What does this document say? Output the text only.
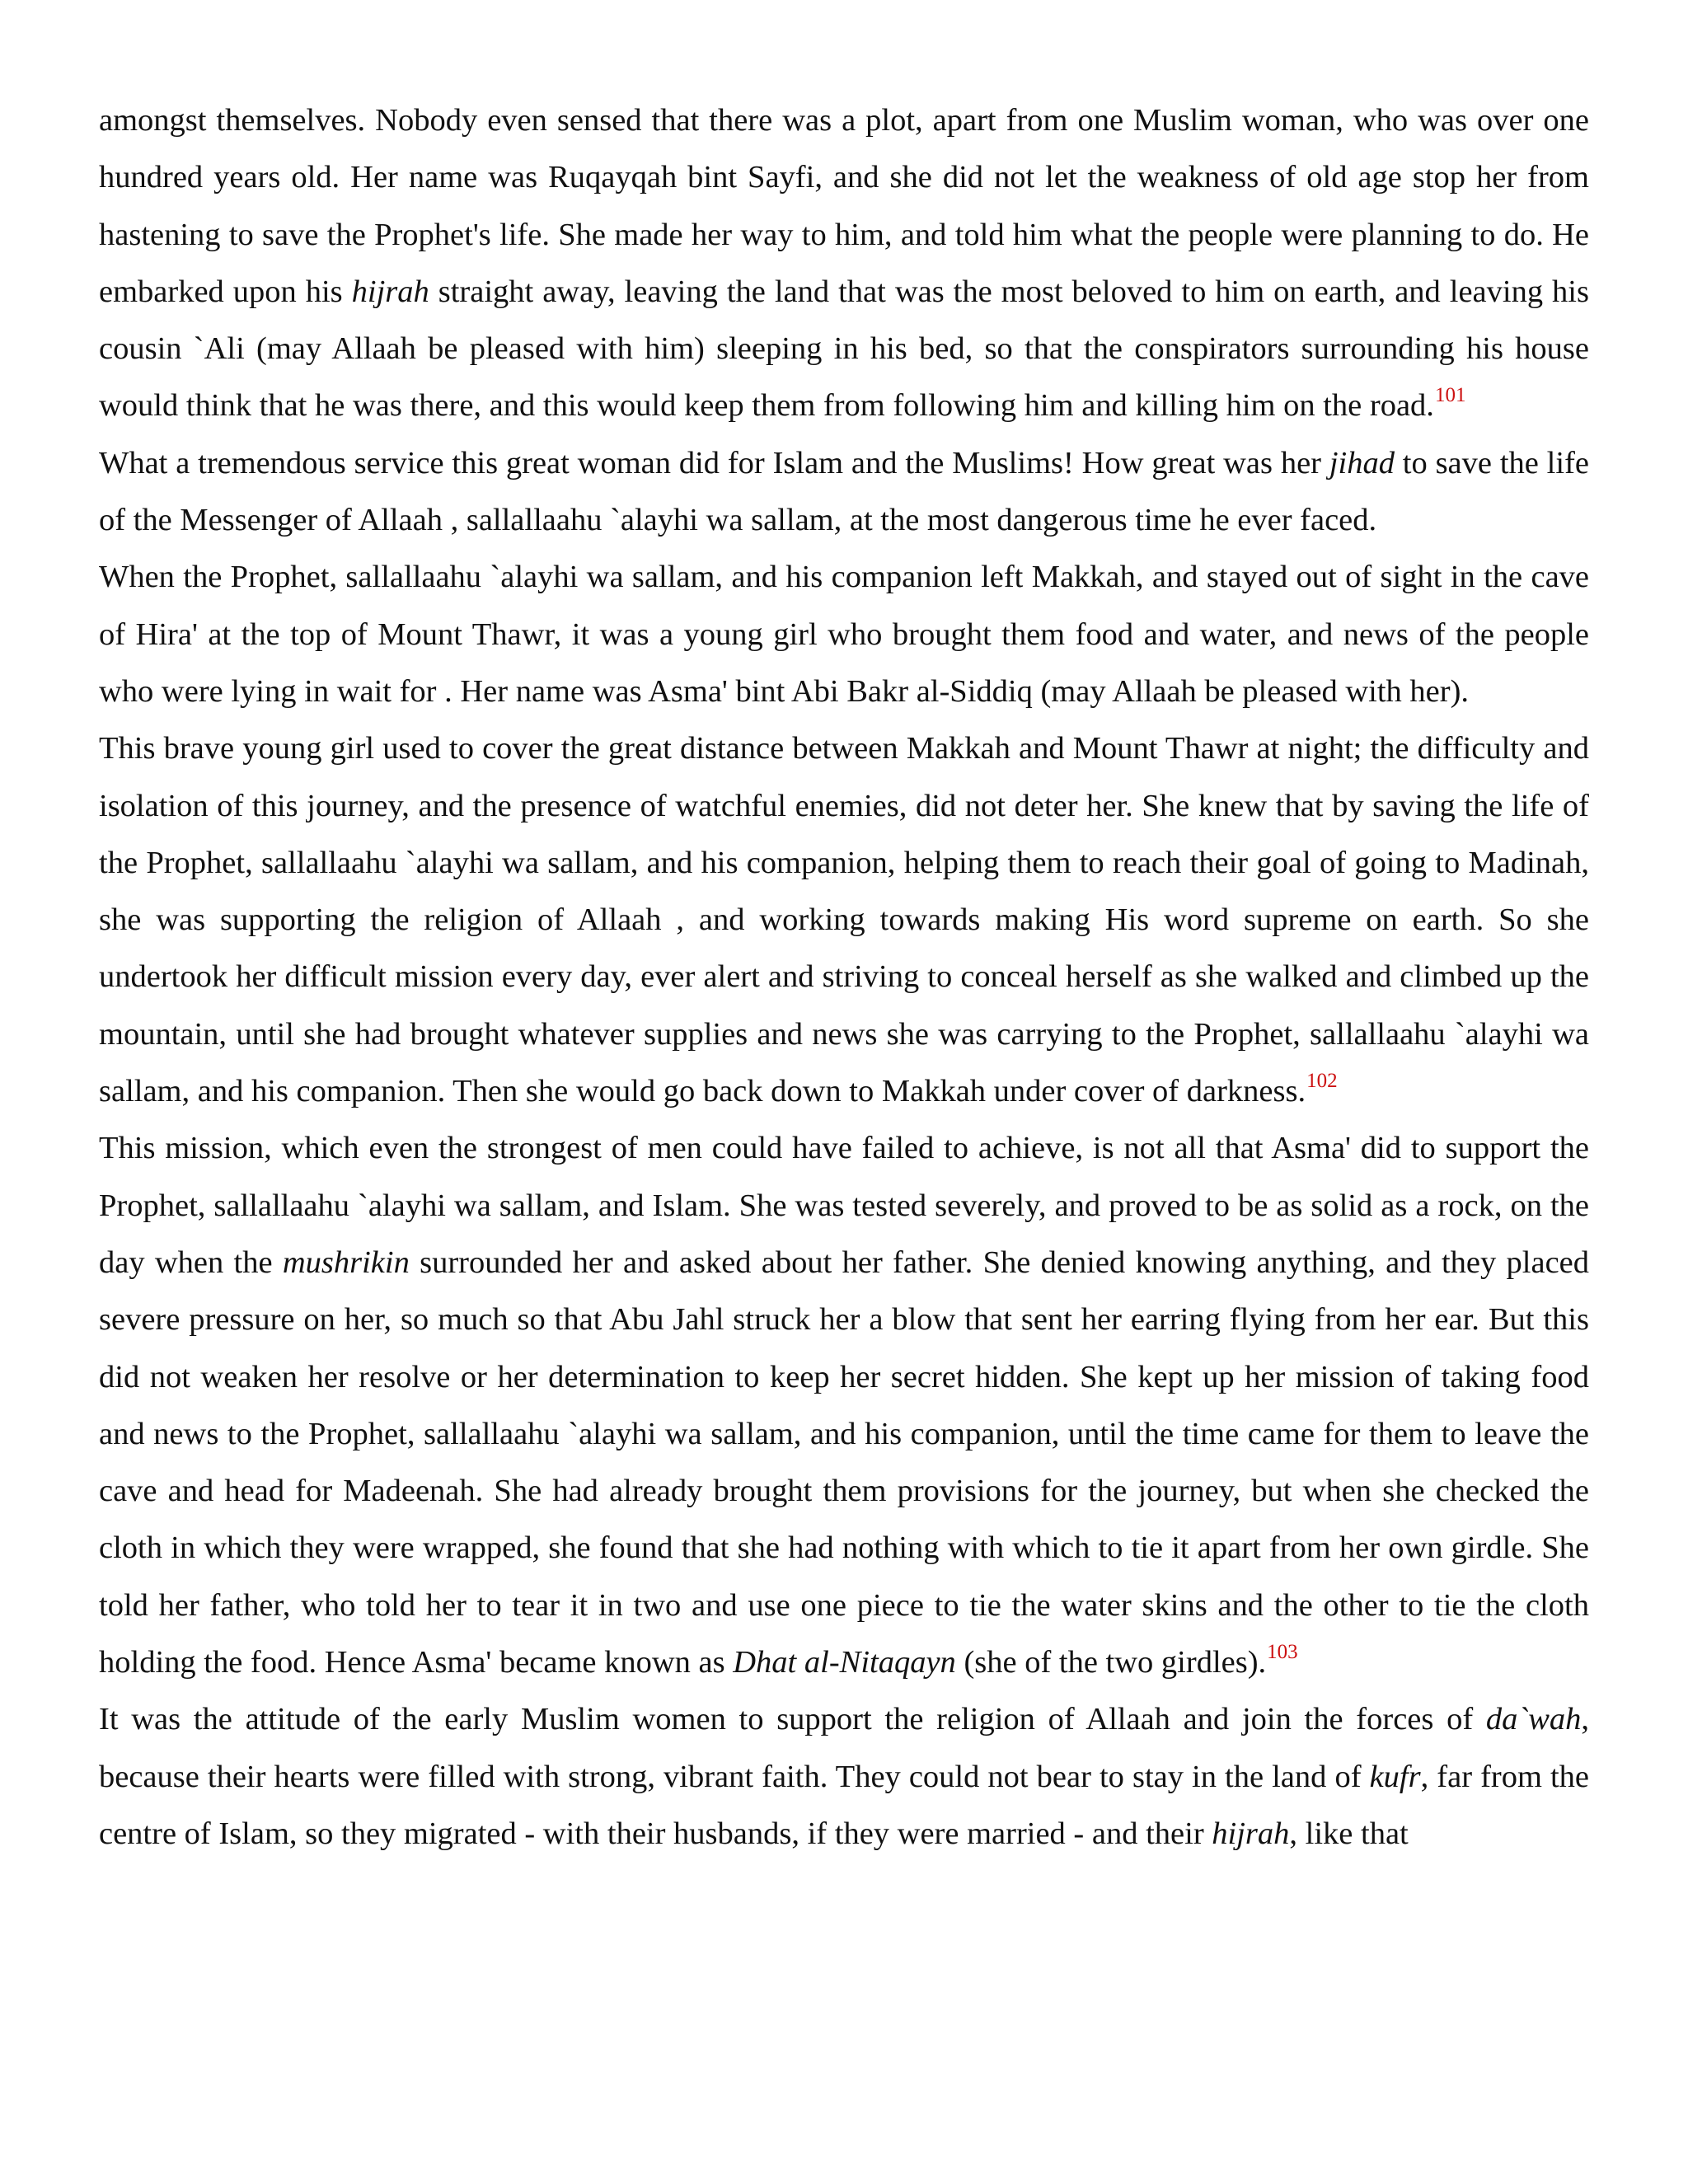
amongst themselves. Nobody even sensed that there was a plot, apart from one Muslim woman, who was over one hundred years old. Her name was Ruqayqah bint Sayfi, and she did not let the weakness of old age stop her from hastening to save the Prophet's life. She made her way to him, and told him what the people were planning to do. He embarked upon his hijrah straight away, leaving the land that was the most beloved to him on earth, and leaving his cousin `Ali (may Allaah be pleased with him) sleeping in his bed, so that the conspirators surrounding his house would think that he was there, and this would keep them from following him and killing him on the road.$^{101}$

What a tremendous service this great woman did for Islam and the Muslims! How great was her jihad to save the life of the Messenger of Allaah , sallallaahu `alayhi wa sallam, at the most dangerous time he ever faced.

When the Prophet, sallallaahu `alayhi wa sallam, and his companion left Makkah, and stayed out of sight in the cave of Hira' at the top of Mount Thawr, it was a young girl who brought them food and water, and news of the people who were lying in wait for . Her name was Asma' bint Abi Bakr al-Siddiq (may Allaah be pleased with her).

This brave young girl used to cover the great distance between Makkah and Mount Thawr at night; the difficulty and isolation of this journey, and the presence of watchful enemies, did not deter her. She knew that by saving the life of the Prophet, sallallaahu `alayhi wa sallam, and his companion, helping them to reach their goal of going to Madinah, she was supporting the religion of Allaah , and working towards making His word supreme on earth. So she undertook her difficult mission every day, ever alert and striving to conceal herself as she walked and climbed up the mountain, until she had brought whatever supplies and news she was carrying to the Prophet, sallallaahu `alayhi wa sallam, and his companion. Then she would go back down to Makkah under cover of darkness.$^{102}$

This mission, which even the strongest of men could have failed to achieve, is not all that Asma' did to support the Prophet, sallallaahu `alayhi wa sallam, and Islam. She was tested severely, and proved to be as solid as a rock, on the day when the mushrikin surrounded her and asked about her father. She denied knowing anything, and they placed severe pressure on her, so much so that Abu Jahl struck her a blow that sent her earring flying from her ear. But this did not weaken her resolve or her determination to keep her secret hidden. She kept up her mission of taking food and news to the Prophet, sallallaahu `alayhi wa sallam, and his companion, until the time came for them to leave the cave and head for Madeenah. She had already brought them provisions for the journey, but when she checked the cloth in which they were wrapped, she found that she had nothing with which to tie it apart from her own girdle. She told her father, who told her to tear it in two and use one piece to tie the water skins and the other to tie the cloth holding the food. Hence Asma' became known as Dhat al-Nitaqayn (she of the two girdles).$^{103}$

It was the attitude of the early Muslim women to support the religion of Allaah and join the forces of da`wah, because their hearts were filled with strong, vibrant faith. They could not bear to stay in the land of kufr, far from the centre of Islam, so they migrated - with their husbands, if they were married - and their hijrah, like that
